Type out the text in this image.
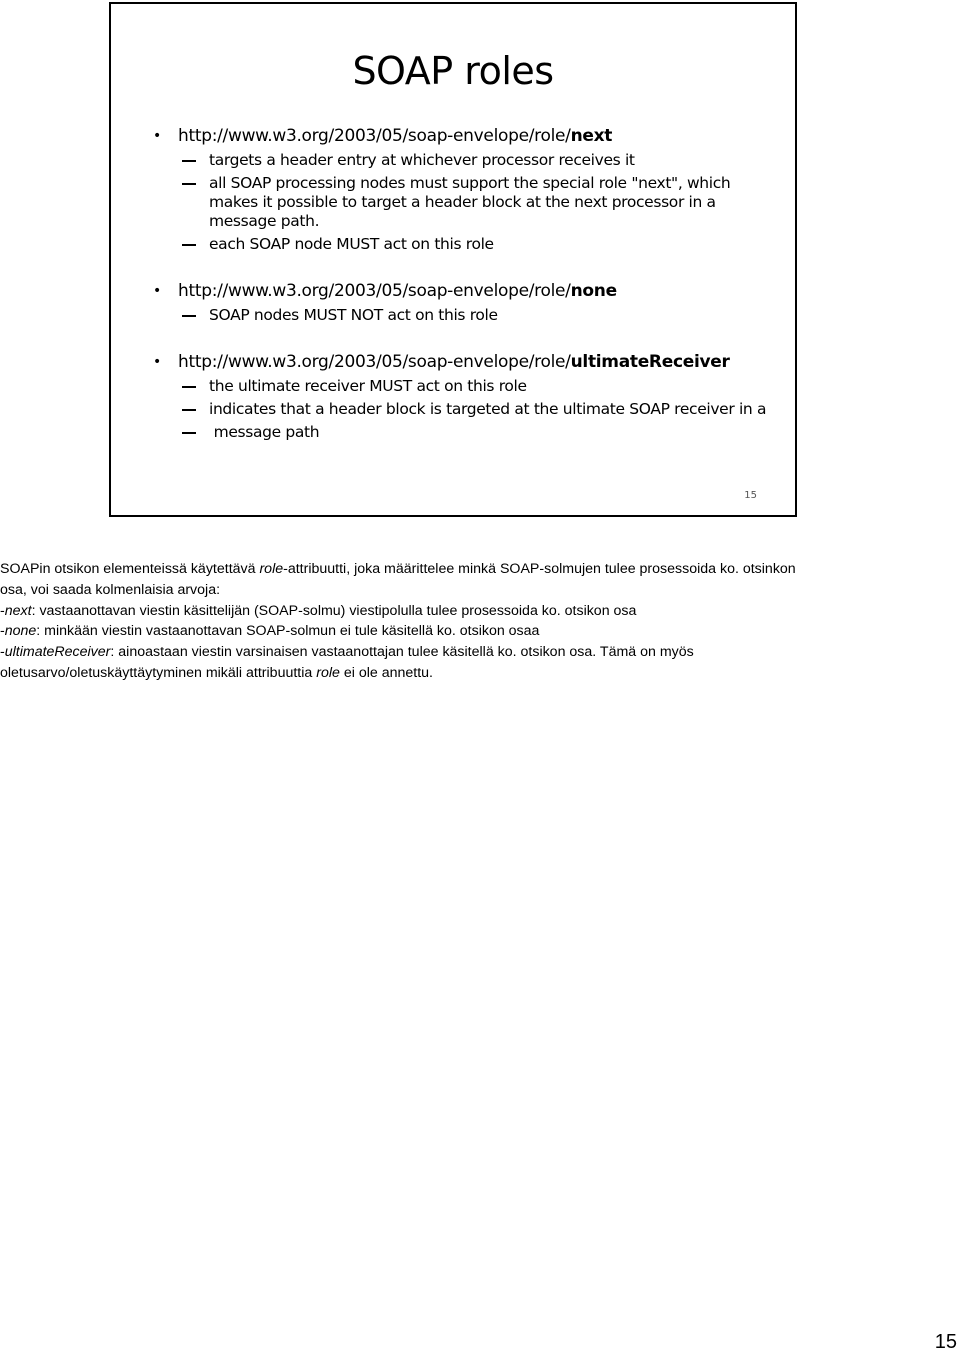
SOAP roles
• http://www.w3.org/2003/05/soap-envelope/role/next
targets a header entry at whichever processor receives it
all SOAP processing nodes must support the special role "next", which makes it possible to target a header block at the next processor in a message path.
each SOAP node MUST act on this role
• http://www.w3.org/2003/05/soap-envelope/role/none
SOAP nodes MUST NOT act on this role
• http://www.w3.org/2003/05/soap-envelope/role/ultimateReceiver
the ultimate receiver MUST act on this role
indicates that a header block is targeted at the ultimate SOAP receiver in a
message path
15

SOAPin otsikon elementeissä käytettävä role-attribuutti, joka määrittelee minkä SOAP-solmujen tulee prosessoida ko. otsinkon

osa, voi saada kolmenlaisia arvoja:

-next: vastaanottavan viestin käsittelijän (SOAP-solmu) viestipolulla tulee prosessoida ko. otsikon osa

-none: minkään viestin vastaanottavan SOAP-solmun ei tule käsitellä ko. otsikon osaa

-ultimateReceiver: ainoastaan viestin varsinaisen vastaanottajan tulee käsitellä ko. otsikon osa. Tämä on myös

oletusarvo/oletuskäyttäytyminen mikäli attribuuttia role ei ole annettu.

15
